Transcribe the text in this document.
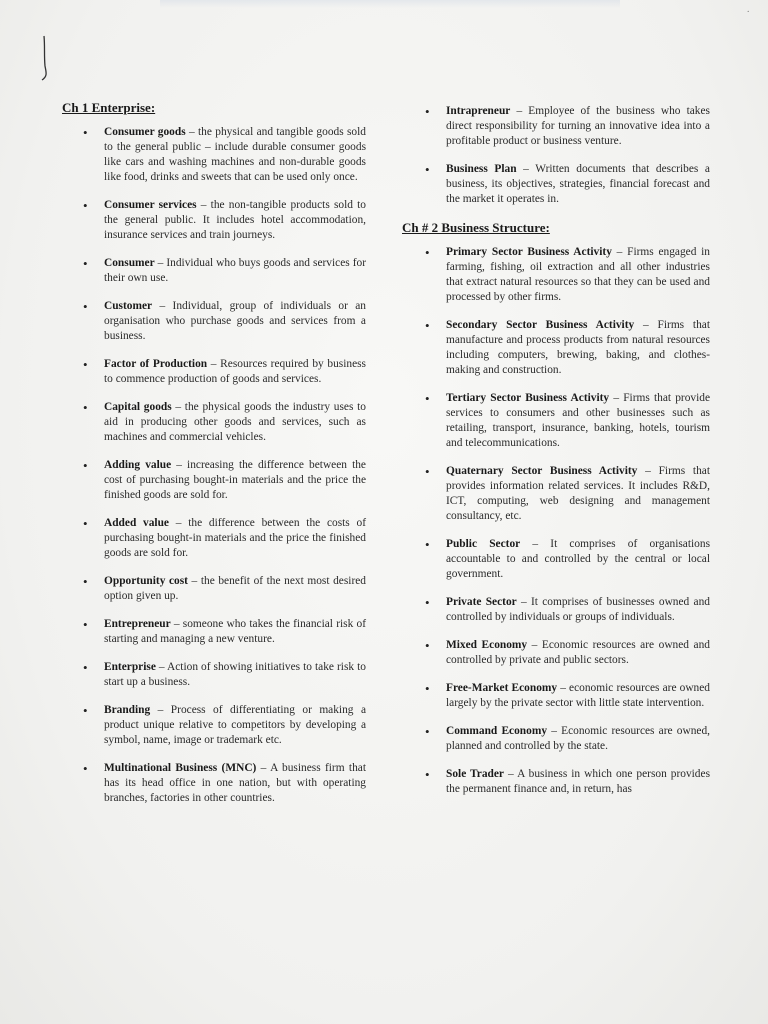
·
Ch 1 Enterprise:
• Consumer goods – the physical and tangible goods sold to the general public – include durable consumer goods like cars and washing machines and non-durable goods like food, drinks and sweets that can be used only once.
• Consumer services – the non-tangible products sold to the general public. It includes hotel accommodation, insurance services and train journeys.
• Consumer – Individual who buys goods and services for their own use.
• Customer – Individual, group of individuals or an organisation who purchase goods and services from a business.
• Factor of Production – Resources required by business to commence production of goods and services.
• Capital goods – the physical goods the industry uses to aid in producing other goods and services, such as machines and commercial vehicles.
• Adding value – increasing the difference between the cost of purchasing bought-in materials and the price the finished goods are sold for.
• Added value – the difference between the costs of purchasing bought-in materials and the price the finished goods are sold for.
• Opportunity cost – the benefit of the next most desired option given up.
• Entrepreneur – someone who takes the financial risk of starting and managing a new venture.
• Enterprise – Action of showing initiatives to take risk to start up a business.
• Branding – Process of differentiating or making a product unique relative to competitors by developing a symbol, name, image or trademark etc.
• Multinational Business (MNC) – A business firm that has its head office in one nation, but with operating branches, factories in other countries.
• Intrapreneur – Employee of the business who takes direct responsibility for turning an innovative idea into a profitable product or business venture.
• Business Plan – Written documents that describes a business, its objectives, strategies, financial forecast and the market it operates in.
Ch # 2 Business Structure:
• Primary Sector Business Activity – Firms engaged in farming, fishing, oil extraction and all other industries that extract natural resources so that they can be used and processed by other firms.
• Secondary Sector Business Activity – Firms that manufacture and process products from natural resources including computers, brewing, baking, and clothes-making and construction.
• Tertiary Sector Business Activity – Firms that provide services to consumers and other businesses such as retailing, transport, insurance, banking, hotels, tourism and telecommunications.
• Quaternary Sector Business Activity – Firms that provides information related services. It includes R&D, ICT, computing, web designing and management consultancy, etc.
• Public Sector – It comprises of organisations accountable to and controlled by the central or local government.
• Private Sector – It comprises of businesses owned and controlled by individuals or groups of individuals.
• Mixed Economy – Economic resources are owned and controlled by private and public sectors.
• Free-Market Economy – economic resources are owned largely by the private sector with little state intervention.
• Command Economy – Economic resources are owned, planned and controlled by the state.
• Sole Trader – A business in which one person provides the permanent finance and, in return, has
